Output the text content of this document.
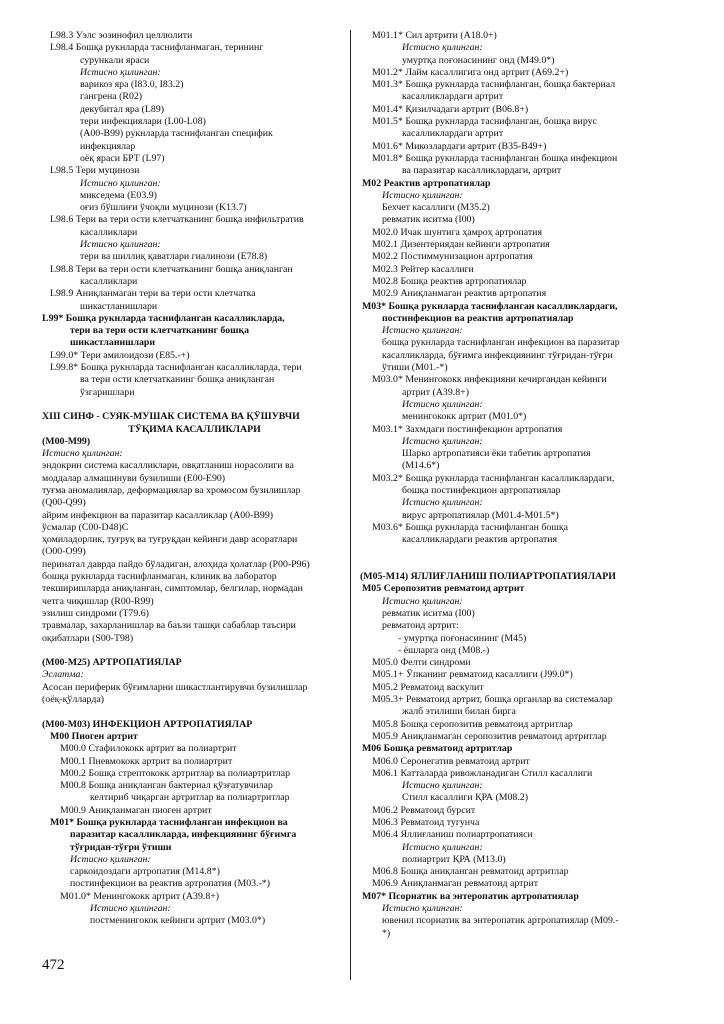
L98.3 Уэлс эозинофил целлюлити
L98.4 Бошқа рукнларда таснифланмаган, терининг
сурункали яраси
Истисно қилинган:
варикоз яра (I83.0, I83.2)
гангрена (R02)
декубитал яра (L89)
тери инфекциялари (L00-L08)
(A00-B99) рукнларда таснифланган специфик
инфекциялар
оёқ яраси БРТ (L97)
L98.5 Тери муцинози
Истисно қилинган:
микседема (E03.9)
оғиз бўшлиғи ўчоқли муцинози (K13.7)
L98.6 Тери ва тери ости клетчатканинг бошқа инфильтратив
касалликлари
Истисно қилинган:
тери ва шиллиқ қаватлари гиалинози (E78.8)
L98.8 Тери ва тери ости клетчатканинг бошқа аниқланган
касалликлари
L98.9 Аниқланмаган тери ва тери ости клетчатка
шикастланишлари
L99* Бошқа рукнларда таснифланган касалликларда,
тери ва тери ости клетчатканинг бошқа
шикастланишлари
L99.0* Тери амилоидози (E85.-+)
L99.8* Бошқа рукнларда таснифланган касалликларда, тери
ва тери ости клетчатканинг бошқа аниқланган
ўзгаришлари
XIII СИНФ - СУЯК-МУШАК СИСТЕМА ВА ҚЎШУВЧИ
ТЎҚИМА КАСАЛЛИКЛАРИ
(M00-M99)
Истисно қилинган:
эндокрин система касалликлари, овқатланиш норасолиги ва
моддалар алмашинуви бузилиши (E00-E90)
туғма аномалиялар, деформациялар ва хромосом бузилишлар
(Q00-Q99)
айрим инфекцион ва паразитар касалликлар (A00-B99)
ўсмалар (C00-D48)C
ҳомиладорлик, туғруқ ва туғруқдан кейинги давр асоратлари
(O00-O99)
перинатал даврда пайдо бўладиган, алоҳида ҳолатлар (P00-P96)
бошқа рукнларда таснифланмаган, клиник ва лаборатор
текширишларда аниқланган, симптомлар, белгилар, нормадан
четга чиқишлар (R00-R99)
эзилиш синдроми (T79.6)
травмалар, захарланишлар ва баъзи ташқи сабаблар таъсири
оқибатлари (S00-T98)
(M00-M25) АРТРОПАТИЯЛАР
Эслатма:
Асосан периферик бўғимларни шикастлантирувчи бузилишлар
(оёқ-қўлларда)
(M00-M03) ИНФЕКЦИОН АРТРОПАТИЯЛАР
M00 Пиоген артрит
M00.0 Стафилококк артрит ва полиартрит
M00.1 Пневмококк артрит ва полиартрит
M00.2 Бошқа стрептококк артритлар ва полиартритлар
M00.8 Бошқа аниқланган бактериал қўзғатувчилар
келтириб чиқарган артритлар ва полиартритлар
M00.9 Аниқланмаган пиоген артрит
M01* Бошқа рукнларда таснифланган инфекцион ва
паразитар касалликларда, инфекциянинг бўғимга
тўғридан-тўғри ўтиши
Истисно қилинган:
саркоидоздаги артропатия (M14.8*)
постинфекцион ва реактив артропатия (M03.-*)
M01.0* Менингококк артрит (A39.8+)
Истисно қилинган:
постменингокок кейинги артрит (M03.0*)
M01.1* Сил артрити (A18.0+)
Истисно қилинган:
умуртқа поғонасининг онд (M49.0*)
M01.2* Лайм касаллигига онд артрит (A69.2+)
M01.3* Бошқа рукнларда таснифланган, бошқа бактериал
касалликлардаги артрит
M01.4* Қизилчадаги артрит (B06.8+)
M01.5* Бошқа рукнларда таснифланган, бошқа вирус
касалликлардаги артрит
M01.6* Микозлардаги артрит (B35-B49+)
M01.8* Бошқа рукнларда таснифланган бошқа инфекцион
ва паразитар касалликлардаги, артрит
M02 Реактив артропатиялар
Истисно қилинган:
Бехчет касаллиги (M35.2)
ревматик иситма (I00)
M02.0 Ичак шунтига ҳамроҳ артропатия
M02.1 Дизентериядан кейинги артропатия
M02.2 Постиммунизацион артропатия
M02.3 Рейтер касаллиги
M02.8 Бошқа реактив артропатиялар
M02.9 Аниқланмаган реактив артропатия
M03* Бошқа рукнларда таснифланган касалликлардаги,
постинфекцион ва реактив артропатиялар
Истисно қилинган:
бошқа рукнларда таснифланган инфекцион ва паразитар
касалликларда, бўғимга инфекциянинг тўғридан-тўғри
ўтиши (M01.-*)
M03.0* Менингококк инфекцияни кечиргандан кейинги
артрит (A39.8+)
Истисно қилинган:
менингококк артрит (M01.0*)
M03.1* Захмдаги постинфекцион артропатия
Истисно қилинган:
Шарко артропатияси ёки табетик артропатия
(M14.6*)
M03.2* Бошқа рукнларда таснифланган касалликлардаги,
бошқа постинфекцион артропатиялар
Истисно қилинган:
вирус артропатиялар (M01.4-M01.5*)
M03.6* Бошқа рукнларда таснифланган бошқа
касалликлардаги реактив артропатия
(M05-M14) ЯЛЛИҒЛАНИШ ПОЛИАРТРОПАТИЯЛАРИ
M05 Серопозитив ревматоид артрит
Истисно қилинган:
ревматик иситма (I00)
ревматоид артрит:
- умуртқа поғонасининг (M45)
- ёшларга онд (M08.-)
M05.0 Фелти синдроми
M05.1+ Ўпканинг ревматоид касаллиги (J99.0*)
M05.2 Ревматоид васкулит
M05.3+ Ревматоид артрит, бошқа органлар ва системалар
жалб этилиши билан бирга
M05.8 Бошқа серопозитив ревматоид артритлар
M05.9 Аниқланмаган серопозитив ревматоид артритлар
M06 Бошқа ревматоид артритлар
M06.0 Серонегатив ревматоид артрит
M06.1 Катталарда ривожланадиган Стилл касаллиги
Истисно қилинган:
Стилл касаллиги ҚРА (M08.2)
M06.2 Ревматоид бурсит
M06.3 Ревматоид тугунча
M06.4 Яллиғланиш полиартропатияси
Истисно қилинган:
полиартрит ҚРА (M13.0)
M06.8 Бошқа аниқланган ревматоид артритлар
M06.9 Аниқланмаган ревматоид артрит
M07* Псориатик ва энтеропатик артропатиялар
Истисно қилинган:
ювенил псориатик ва энтеропатик артропатиялар (M09.-
*)
472
